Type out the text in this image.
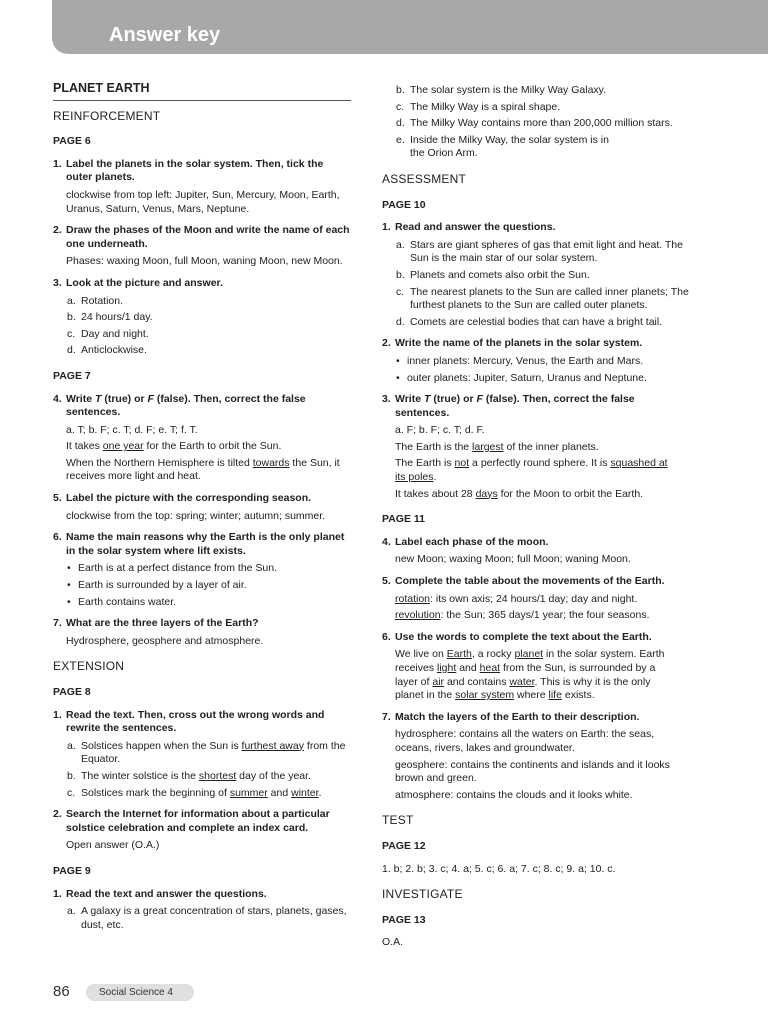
Answer key
PLANET EARTH
REINFORCEMENT
PAGE 6
1. Label the planets in the solar system. Then, tick the outer planets.
clockwise from top left: Jupiter, Sun, Mercury, Moon, Earth, Uranus, Saturn, Venus, Mars, Neptune.
2. Draw the phases of the Moon and write the name of each one underneath.
Phases: waxing Moon, full Moon, waning Moon, new Moon.
3. Look at the picture and answer.
a. Rotation.
b. 24 hours/1 day.
c. Day and night.
d. Anticlockwise.
PAGE 7
4. Write T (true) or F (false). Then, correct the false sentences.
a. T; b. F; c. T; d. F; e. T; f. T.
It takes one year for the Earth to orbit the Sun.
When the Northern Hemisphere is tilted towards the Sun, it receives more light and heat.
5. Label the picture with the corresponding season.
clockwise from the top: spring; winter; autumn; summer.
6. Name the main reasons why the Earth is the only planet in the solar system where lift exists.
• Earth is at a perfect distance from the Sun.
• Earth is surrounded by a layer of air.
• Earth contains water.
7. What are the three layers of the Earth?
Hydrosphere, geosphere and atmosphere.
EXTENSION
PAGE 8
1. Read the text. Then, cross out the wrong words and rewrite the sentences.
a. Solstices happen when the Sun is furthest away from the Equator.
b. The winter solstice is the shortest day of the year.
c. Solstices mark the beginning of summer and winter.
2. Search the Internet for information about a particular solstice celebration and complete an index card.
Open answer (O.A.)
PAGE 9
1. Read the text and answer the questions.
a. A galaxy is a great concentration of stars, planets, gases, dust, etc.
b. The solar system is the Milky Way Galaxy.
c. The Milky Way is a spiral shape.
d. The Milky Way contains more than 200,000 million stars.
e. Inside the Milky Way, the solar system is in the Orion Arm.
ASSESSMENT
PAGE 10
1. Read and answer the questions.
a. Stars are giant spheres of gas that emit light and heat. The Sun is the main star of our solar system.
b. Planets and comets also orbit the Sun.
c. The nearest planets to the Sun are called inner planets; The furthest planets to the Sun are called outer planets.
d. Comets are celestial bodies that can have a bright tail.
2. Write the name of the planets in the solar system.
• inner planets: Mercury, Venus, the Earth and Mars.
• outer planets: Jupiter, Saturn, Uranus and Neptune.
3. Write T (true) or F (false). Then, correct the false sentences.
a. F; b. F; c. T; d. F.
The Earth is the largest of the inner planets.
The Earth is not a perfectly round sphere. It is squashed at its poles.
It takes about 28 days for the Moon to orbit the Earth.
PAGE 11
4. Label each phase of the moon.
new Moon; waxing Moon; full Moon; waning Moon.
5. Complete the table about the movements of the Earth.
rotation: its own axis; 24 hours/1 day; day and night.
revolution: the Sun; 365 days/1 year; the four seasons.
6. Use the words to complete the text about the Earth.
We live on Earth, a rocky planet in the solar system. Earth receives light and heat from the Sun, is surrounded by a layer of air and contains water. This is why it is the only planet in the solar system where life exists.
7. Match the layers of the Earth to their description.
hydrosphere: contains all the waters on Earth: the seas, oceans, rivers, lakes and groundwater.
geosphere: contains the continents and islands and it looks brown and green.
atmosphere: contains the clouds and it looks white.
TEST
PAGE 12
1. b; 2. b; 3. c; 4. a; 5. c; 6. a; 7. c; 8. c; 9. a; 10. c.
INVESTIGATE
PAGE 13
O.A.
86	Social Science 4
